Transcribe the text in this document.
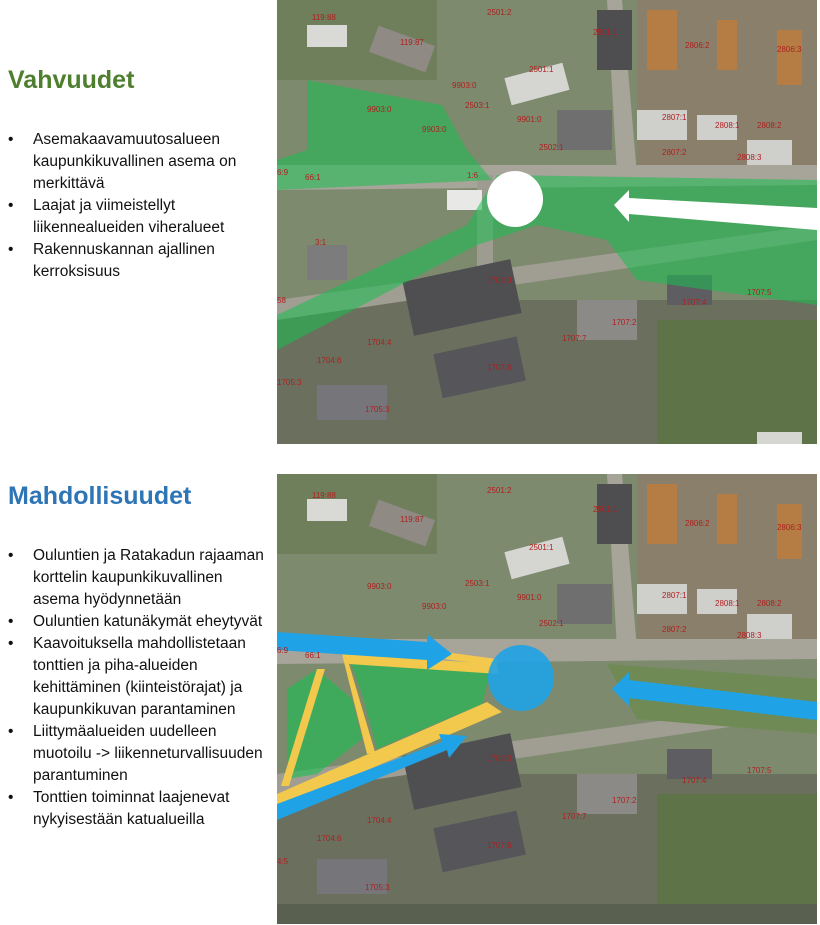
Vahvuudet
• Asemakaavamuutosalueen kaupunkikuvallinen asema on merkittävä
• Laajat ja viimeistellyt liikennealueiden viheralueet
• Rakennuskannan ajallinen kerroksisuus
Mahdollisuudet
• Ouluntien ja Ratakadun rajaaman korttelin kaupunkikuvallinen asema hyödynnetään
• Ouluntien katunäkymät eheytyvät
• Kaavoituksella mahdollistetaan tonttien ja piha-alueiden kehittäminen (kiinteistörajat) ja kaupunkikuvan parantaminen
• Liittymäalueiden uudelleen muotoilu -> liikenneturvallisuuden parantuminen
• Tonttien toiminnat laajenevat nykyisestään katualueilla
119:88
119:87
2501:2
2501:1
2501:1
2806:2	2806:3
9903:0
9903:0
9903:0
2503:1
9901:0
2502:1
2807:1
2808:1 2808:2
2807:2
2808:3
1:6
1708:3
1707:4
1707:5
1704:6
1704:4	1707:7
1707:6
1707:2
1705:3
1705:3
3:1
66:1
6:9
58
119:88
119:87
2501:2
2501:1
2501:1
2806:2	2806:3
9903:0
9903:0
2503:1
9901:0
2502:1
2807:1
2808:1 2808:2
2807:2
2808:3
1708:3
1707:4
1707:5
1704:6
1704:4	1707:7
1707:6
1707:2
1705:3
4:5
66:1
6:9
